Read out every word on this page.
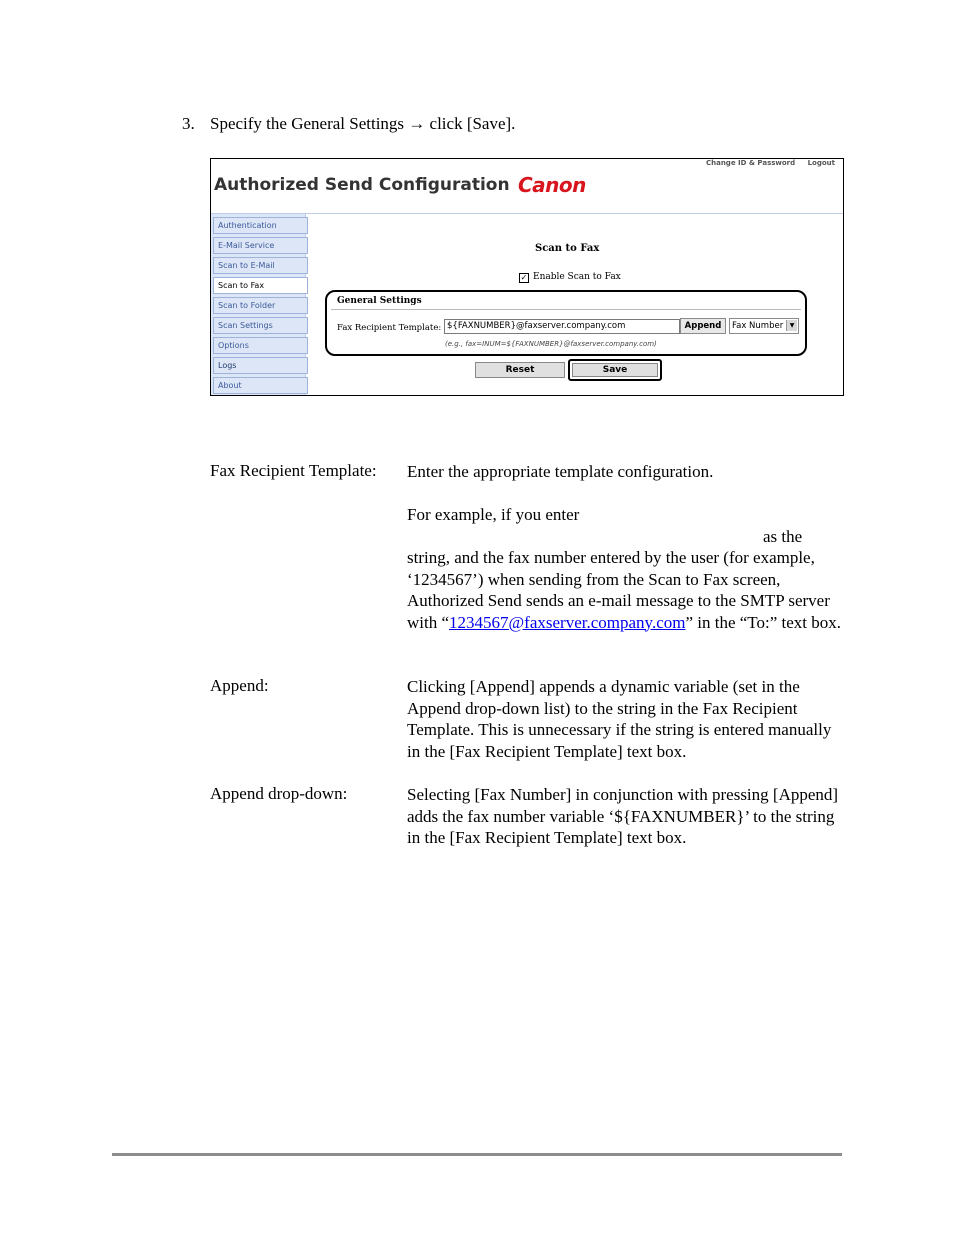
3. Specify the General Settings → click [Save].
Change ID & Password Logout
Authorized Send Configuration Canon
Authentication
E-Mail Service
Scan to E-Mail
Scan to Fax
Scan to Folder
Scan Settings
Options
Logs
About
Scan to Fax
✓ Enable Scan to Fax
General Settings
Fax Recipient Template: ${FAXNUMBER}@faxserver.company.com	Append	Fax Number	▼
(e.g., fax=INUM=${FAXNUMBER}@faxserver.company.com)
Reset	Save
Fax Recipient Template: Enter the appropriate template configuration.

For example, if you enter
as the string, and the fax number entered by the user (for example, ‘1234567’) when sending from the Scan to Fax screen, Authorized Send sends an e-mail message to the SMTP server with “1234567@faxserver.company.com” in the “To:” text box.

Append:	Clicking [Append] appends a dynamic variable (set in the Append drop-down list) to the string in the Fax Recipient Template. This is unnecessary if the string is entered manually in the [Fax Recipient Template] text box.
Append drop-down:	Selecting [Fax Number] in conjunction with pressing [Append] adds the fax number variable ‘${FAXNUMBER}’ to the string in the [Fax Recipient Template] text box.
